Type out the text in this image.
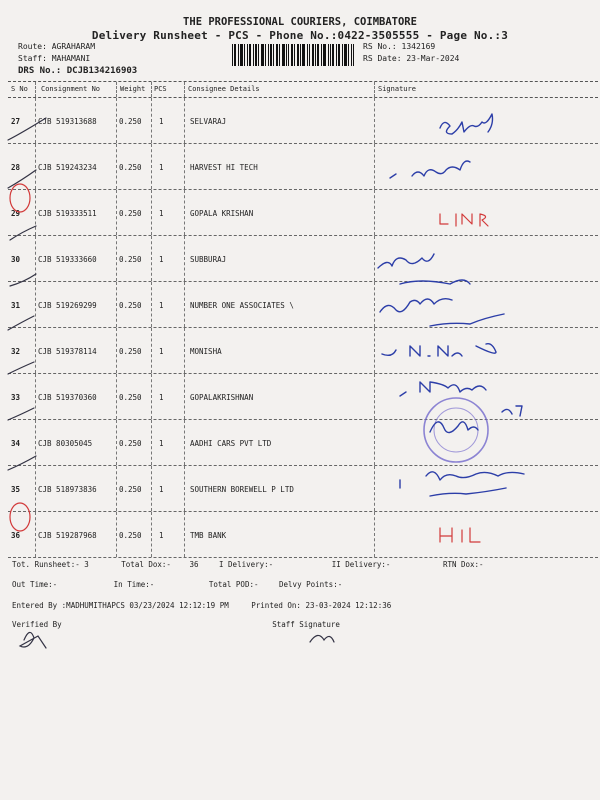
THE PROFESSIONAL COURIERS, COIMBATORE
Delivery Runsheet - PCS - Phone No.:0422-3505555 - Page No.:3
Route: AGRAHARAM
Staff: MAHAMANI
DRS No.: DCJB134216903
RS No.: 1342169
RS Date: 23-Mar-2024
S No Consignment No	Weight PCS	Consignee Details	Signature
27 CJB 519313688	0.250 1	SELVARAJ
28 CJB 519243234	0.250 1	HARVEST HI TECH
29 CJB 519333511	0.250 1	GOPALA KRISHAN
30 CJB 519333660	0.250 1	SUBBURAJ
31 CJB 519269299	0.250 1	NUMBER ONE ASSOCIATES \
32 CJB 519378114	0.250 1	MONISHA
33 CJB 519370360	0.250 1	GOPALAKRISHNAN
34 CJB 80305045	0.250 1	AADHI CARS PVT LTD
35 CJB 518973836	0.250 1	SOUTHERN BOREWELL P LTD
36 CJB 519287968	0.250 1	TMB BANK
Tot. Runsheet:- 3	Total Dox:- 36	I Delivery:-	II Delivery:-	RTN Dox:-
Out Time:-	In Time:-	Total POD:-	Delvy Points:-
Entered By :MADHUMITHAPCS 03/23/2024 12:12:19 PM	Printed On: 23-03-2024 12:12:36
Verified By	Staff Signature
